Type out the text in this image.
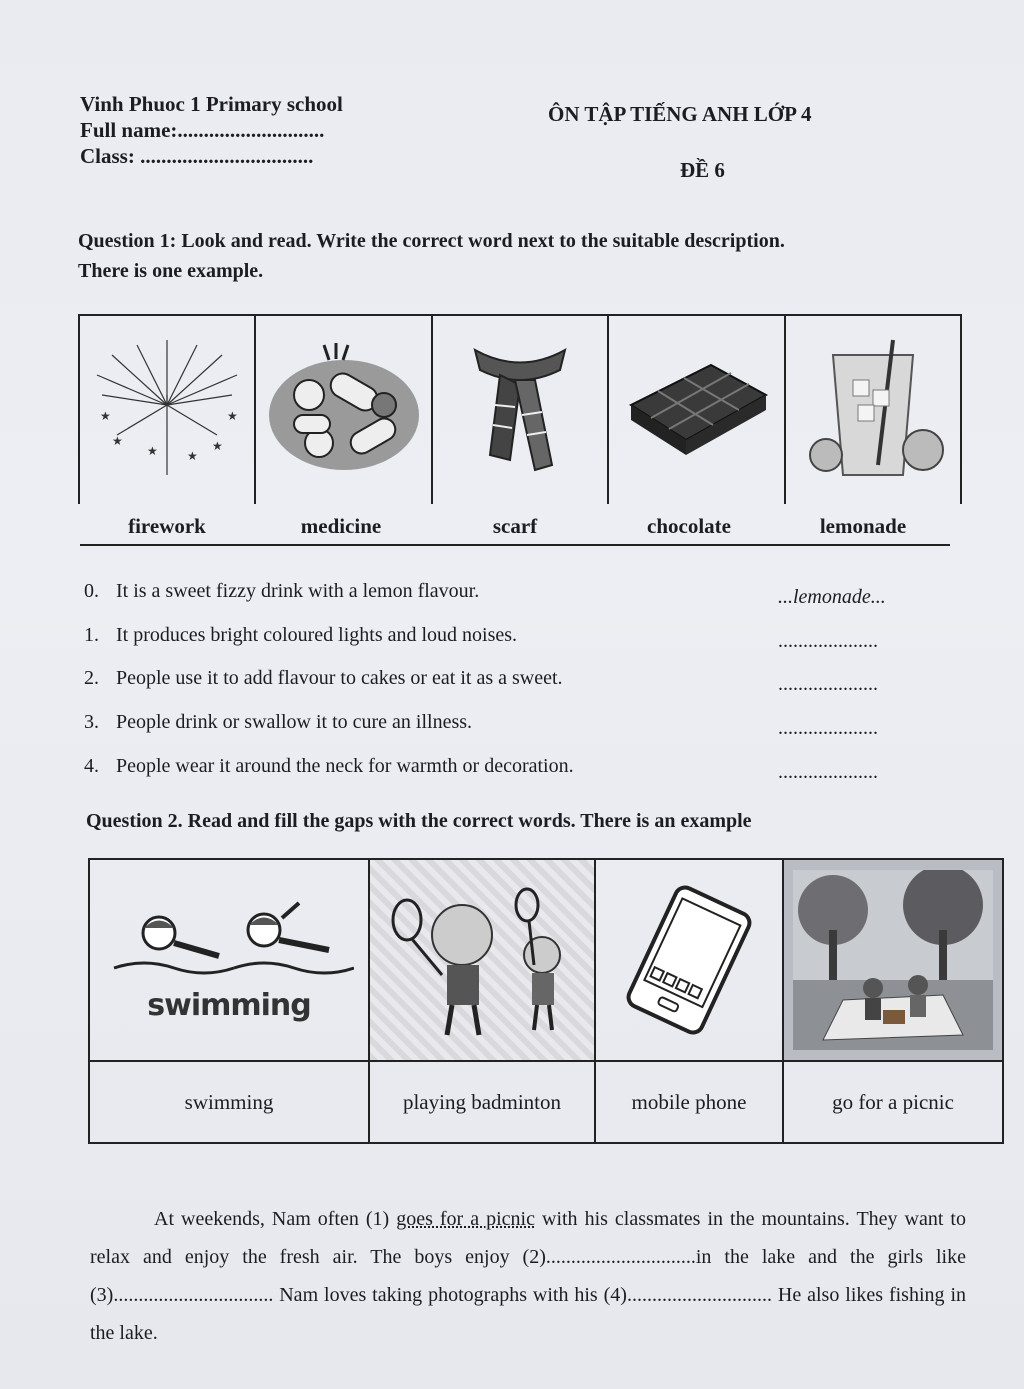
Vinh Phuoc 1 Primary school
Full name:............................
Class: .................................
ÔN TẬP TIẾNG ANH LỚP 4
ĐỀ 6
Question 1: Look and read. Write the correct word next to the suitable description.
There is one example.
★	★
★ ★
★
★
firework	medicine	scarf	chocolate	lemonade
0. It is a sweet fizzy drink with a lemon flavour.	...lemonade...
1. It produces bright coloured lights and loud noises.	....................
2. People use it to add flavour to cakes or eat it as a sweet.	....................
3. People drink or swallow it to cure an illness.	....................
4. People wear it around the neck for warmth or decoration.	....................
Question 2. Read and fill the gaps with the correct words. There is an example
swimming
swimming	playing badminton	mobile phone	go for a picnic
At weekends, Nam often (1) goes for a picnic with his classmates in the mountains. They want to relax and enjoy the fresh air. The boys enjoy (2)..............................in the lake and the girls like (3)................................ Nam loves taking photographs with his (4)............................. He also likes fishing in the lake.
